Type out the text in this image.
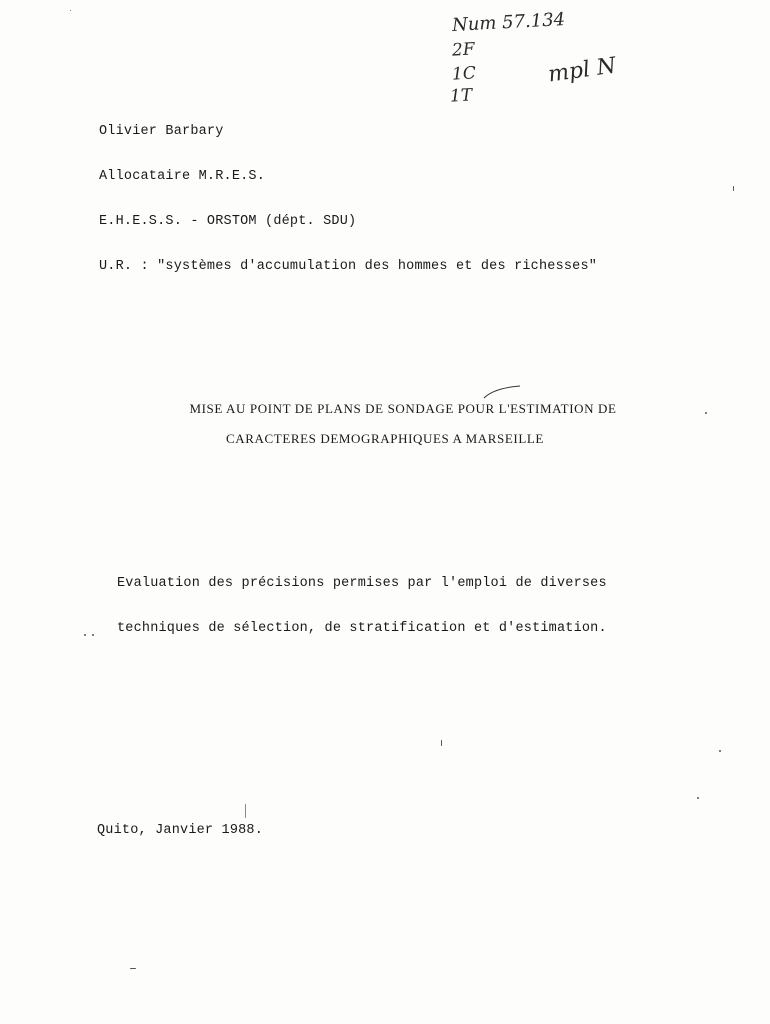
Num 57.134
2F
1C
1T
mpl N

Olivier Barbary

Allocataire M.R.E.S.

E.H.E.S.S. - ORSTOM (dépt. SDU)

U.R. : "systèmes d'accumulation des hommes et des richesses"

MISE AU POINT DE PLANS DE SONDAGE POUR L'ESTIMATION DE
CARACTERES DEMOGRAPHIQUES A MARSEILLE

Evaluation des précisions permises par l'emploi de diverses

techniques de sélection, de stratification et d'estimation.

Quito, Janvier 1988.
